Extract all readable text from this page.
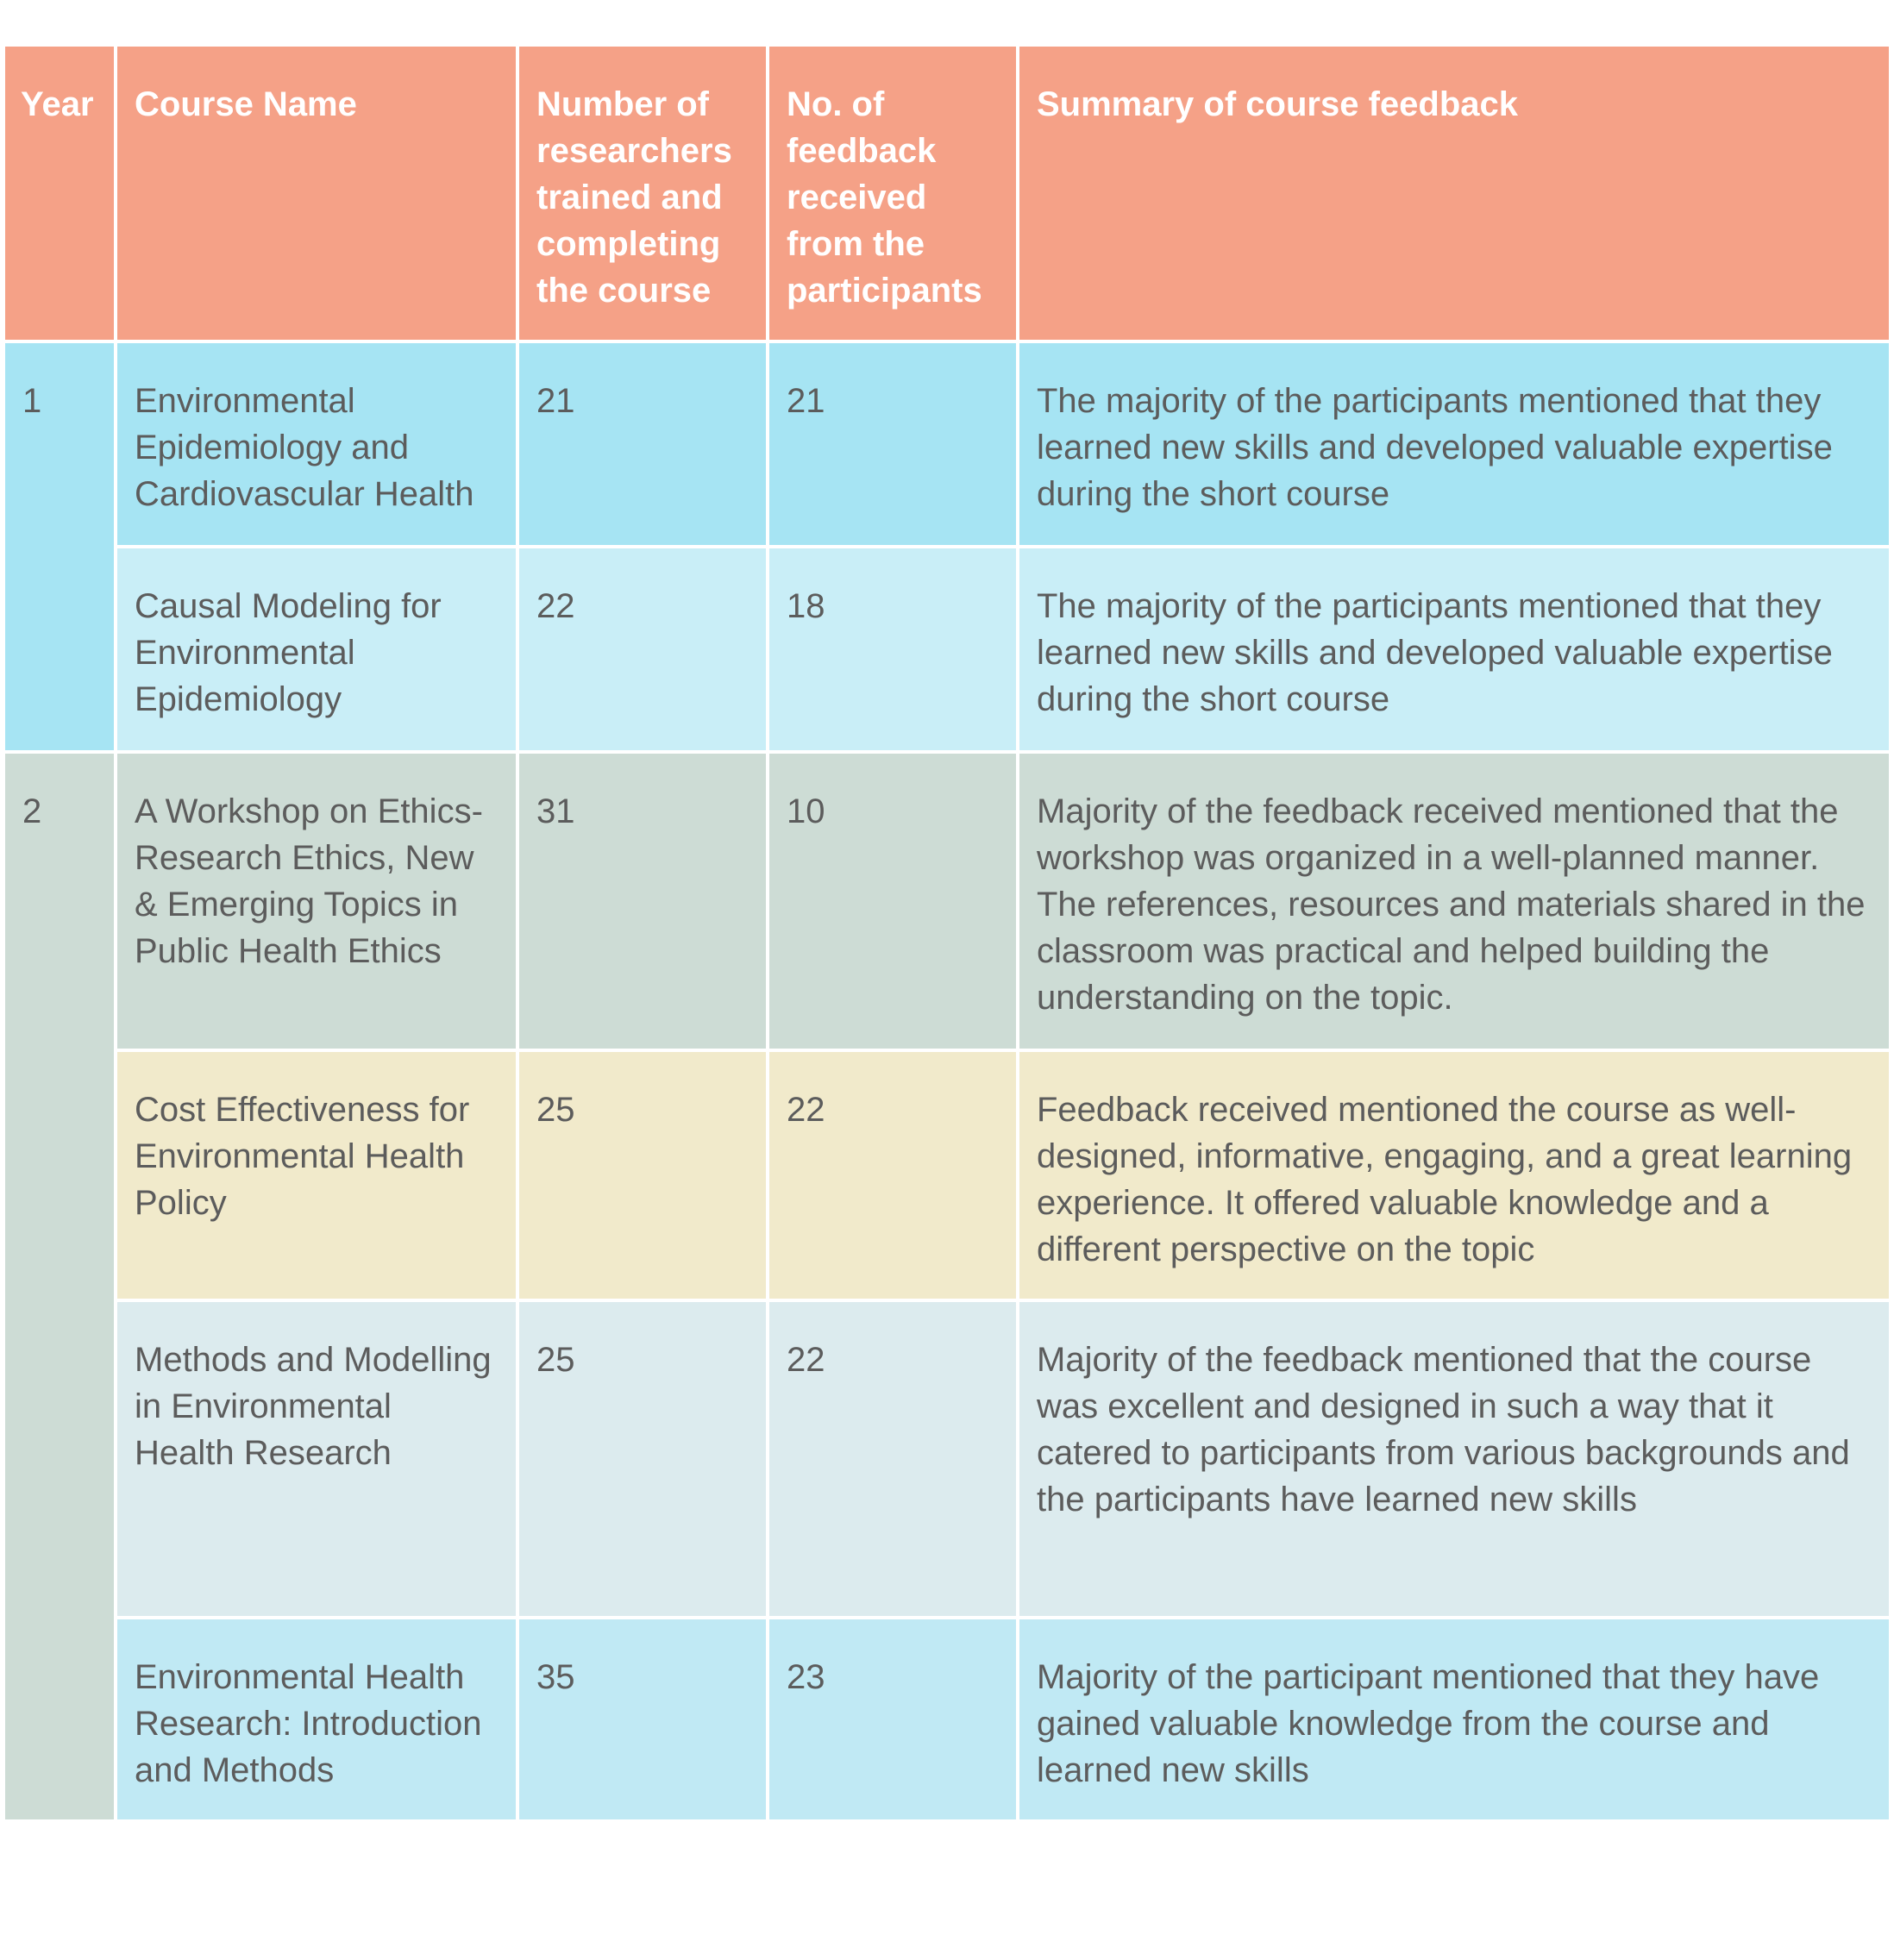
Year	Course Name	Number of researchers trained and completing the course	No. of feedback received from the participants	Summary of course feedback
1	Environmental Epidemiology and Cardiovascular Health	21	21	The majority of the participants mentioned that they learned new skills and developed valuable expertise during the short course
	Causal Modeling for Environmental Epidemiology	22	18	The majority of the participants mentioned that they learned new skills and developed valuable expertise during the short course
2	A Workshop on Ethics-Research Ethics, New & Emerging Topics in Public Health Ethics	31	10	Majority of the feedback received mentioned that the workshop was organized in a well-planned manner. The references, resources and materials shared in the classroom was practical and helped building the understanding on the topic.
	Cost Effectiveness for Environmental Health Policy	25	22	Feedback received mentioned the course as well-designed, informative, engaging, and a great learning experience. It offered valuable knowledge and a different perspective on the topic
	Methods and Modelling in Environmental Health Research	25	22	Majority of the feedback mentioned that the course was excellent and designed in such a way that it catered to participants from various backgrounds and the participants have learned new skills
	Environmental Health Research: Introduction and Methods	35	23	Majority of the participant mentioned that they have gained valuable knowledge from the course and learned new skills
